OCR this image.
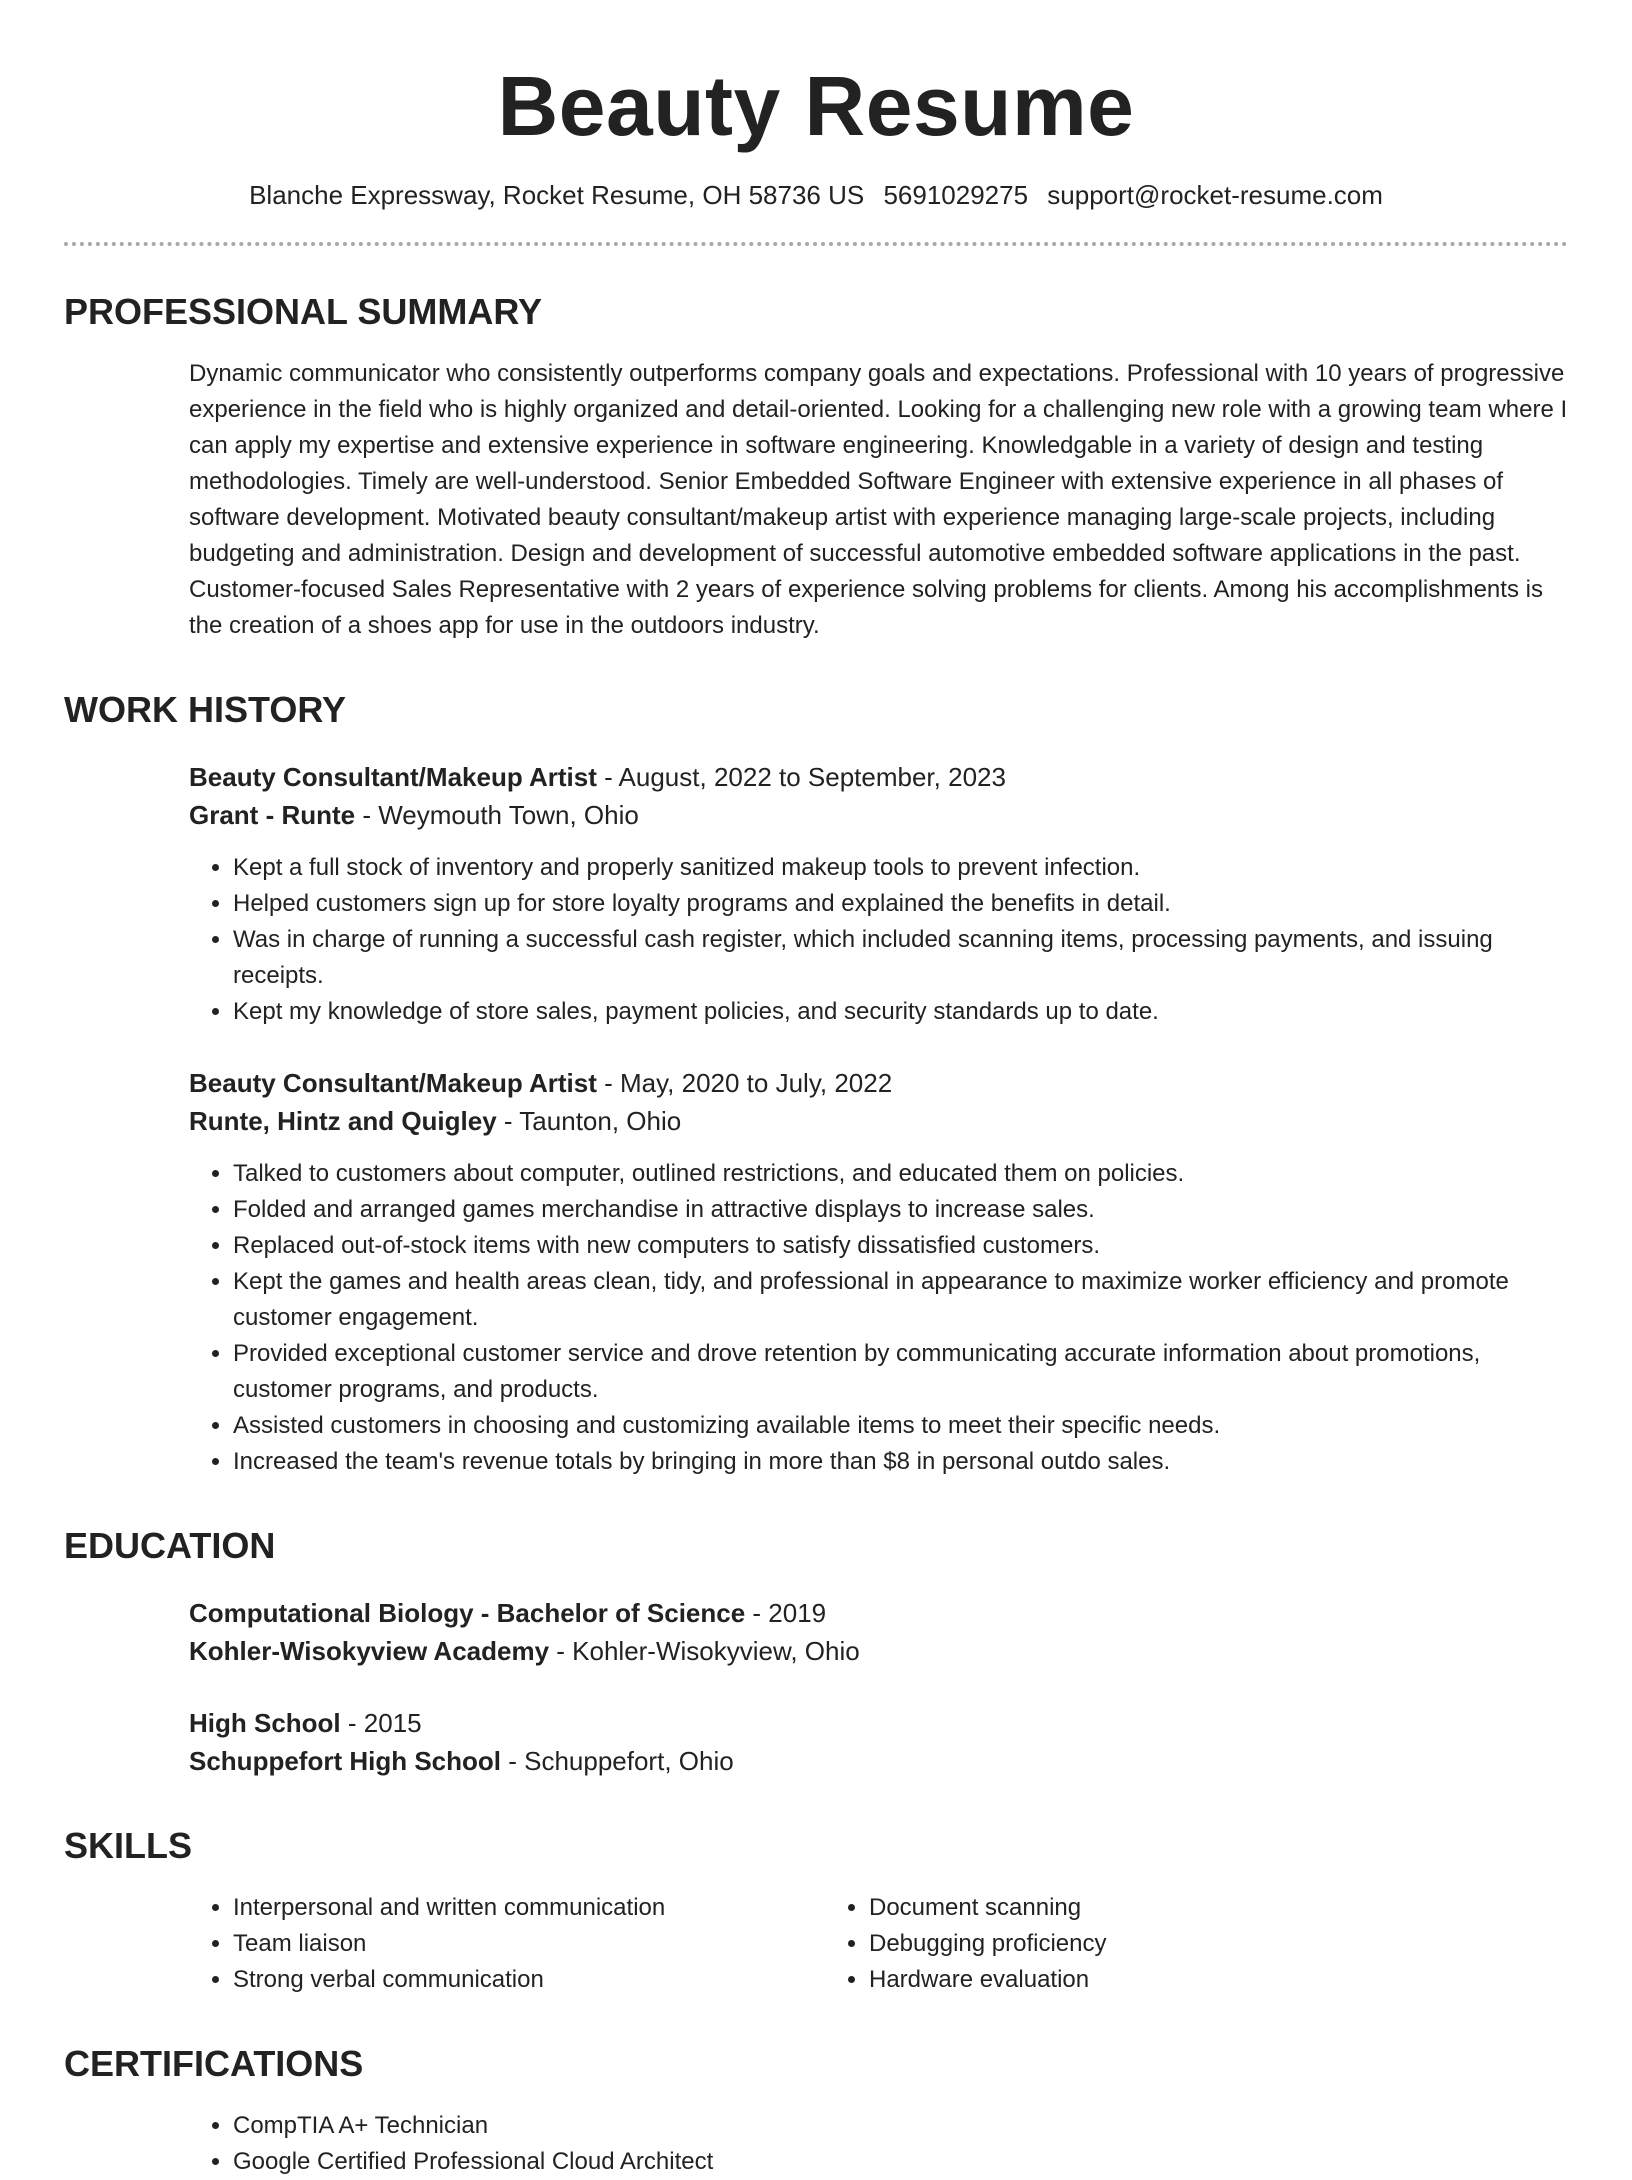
Beauty Resume
Blanche Expressway, Rocket Resume, OH 58736 US 5691029275 support@rocket-resume.com
PROFESSIONAL SUMMARY

Dynamic communicator who consistently outperforms company goals and expectations. Professional with 10 years of progressive experience in the field who is highly organized and detail-oriented. Looking for a challenging new role with a growing team where I can apply my expertise and extensive experience in software engineering. Knowledgable in a variety of design and testing methodologies. Timely are well-understood. Senior Embedded Software Engineer with extensive experience in all phases of software development. Motivated beauty consultant/makeup artist with experience managing large-scale projects, including budgeting and administration. Design and development of successful automotive embedded software applications in the past. Customer-focused Sales Representative with 2 years of experience solving problems for clients. Among his accomplishments is the creation of a shoes app for use in the outdoors industry.

WORK HISTORY
Beauty Consultant/Makeup Artist - August, 2022 to September, 2023
Grant - Runte - Weymouth Town, Ohio
• Kept a full stock of inventory and properly sanitized makeup tools to prevent infection.
• Helped customers sign up for store loyalty programs and explained the benefits in detail.
• Was in charge of running a successful cash register, which included scanning items, processing payments, and issuing receipts.
• Kept my knowledge of store sales, payment policies, and security standards up to date.
Beauty Consultant/Makeup Artist - May, 2020 to July, 2022
Runte, Hintz and Quigley - Taunton, Ohio
• Talked to customers about computer, outlined restrictions, and educated them on policies.
• Folded and arranged games merchandise in attractive displays to increase sales.
• Replaced out-of-stock items with new computers to satisfy dissatisfied customers.
• Kept the games and health areas clean, tidy, and professional in appearance to maximize worker efficiency and promote customer engagement.
• Provided exceptional customer service and drove retention by communicating accurate information about promotions, customer programs, and products.
• Assisted customers in choosing and customizing available items to meet their specific needs.
• Increased the team's revenue totals by bringing in more than $8 in personal outdo sales.
EDUCATION
Computational Biology - Bachelor of Science - 2019
Kohler-Wisokyview Academy - Kohler-Wisokyview, Ohio
High School - 2015
Schuppefort High School - Schuppefort, Ohio
SKILLS
• Interpersonal and written communication
• Team liaison
• Strong verbal communication
• Document scanning
• Debugging proficiency
• Hardware evaluation
CERTIFICATIONS
• CompTIA A+ Technician
• Google Certified Professional Cloud Architect
